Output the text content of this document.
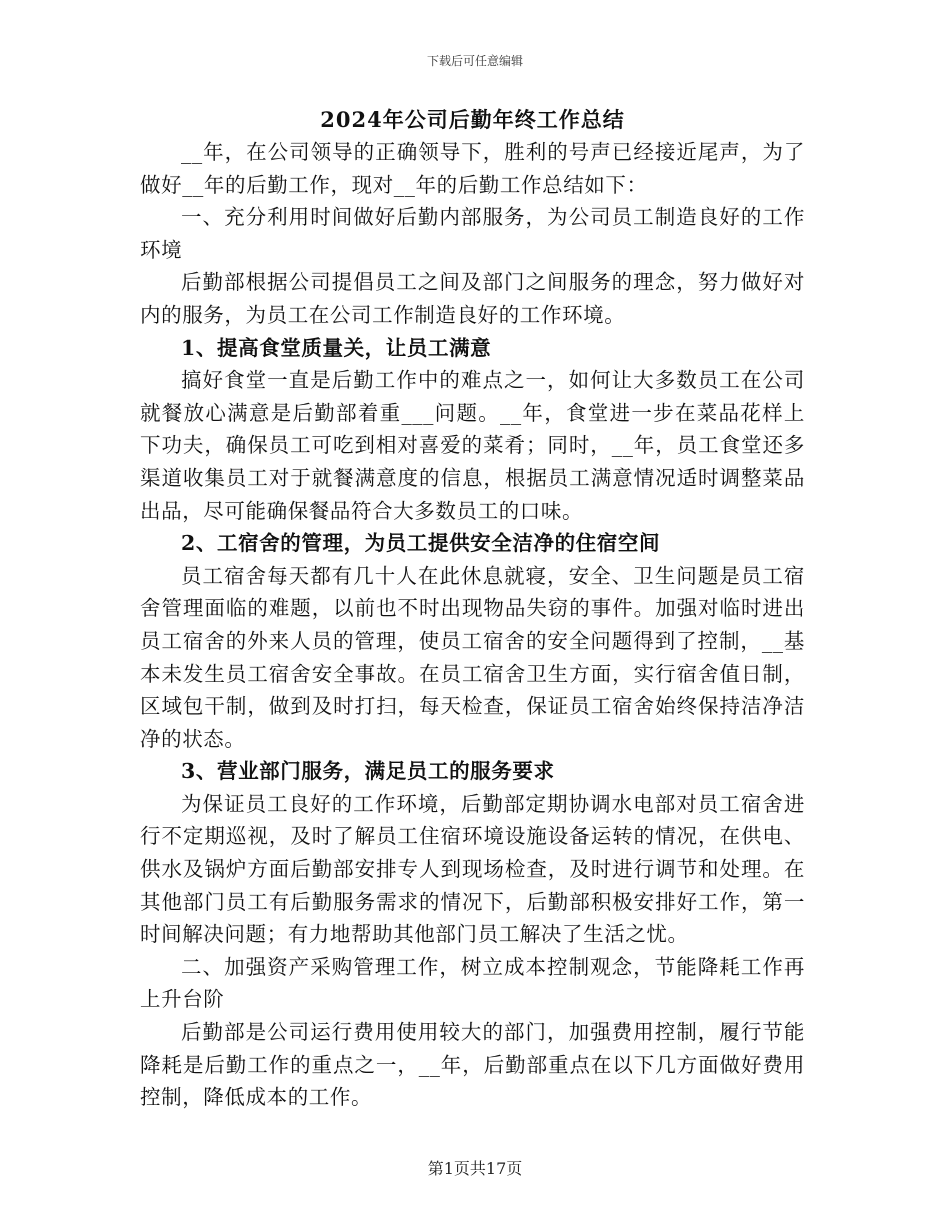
下载后可任意编辑
2024年公司后勤年终工作总结

__年，在公司领导的正确领导下，胜利的号声已经接近尾声，为了做好__年的后勤工作，现对__年的后勤工作总结如下：

一、充分利用时间做好后勤内部服务，为公司员工制造良好的工作环境

后勤部根据公司提倡员工之间及部门之间服务的理念，努力做好对内的服务，为员工在公司工作制造良好的工作环境。

1、提高食堂质量关，让员工满意

搞好食堂一直是后勤工作中的难点之一，如何让大多数员工在公司就餐放心满意是后勤部着重___问题。__年，食堂进一步在菜品花样上下功夫，确保员工可吃到相对喜爱的菜肴；同时，__年，员工食堂还多渠道收集员工对于就餐满意度的信息，根据员工满意情况适时调整菜品出品，尽可能确保餐品符合大多数员工的口味。

2、工宿舍的管理，为员工提供安全洁净的住宿空间

员工宿舍每天都有几十人在此休息就寝，安全、卫生问题是员工宿舍管理面临的难题，以前也不时出现物品失窃的事件。加强对临时进出员工宿舍的外来人员的管理，使员工宿舍的安全问题得到了控制，__基本未发生员工宿舍安全事故。在员工宿舍卫生方面，实行宿舍值日制，区域包干制，做到及时打扫，每天检查，保证员工宿舍始终保持洁净洁净的状态。

3、营业部门服务，满足员工的服务要求

为保证员工良好的工作环境，后勤部定期协调水电部对员工宿舍进行不定期巡视，及时了解员工住宿环境设施设备运转的情况，在供电、供水及锅炉方面后勤部安排专人到现场检查，及时进行调节和处理。在其他部门员工有后勤服务需求的情况下，后勤部积极安排好工作，第一时间解决问题；有力地帮助其他部门员工解决了生活之忧。

二、加强资产采购管理工作，树立成本控制观念，节能降耗工作再上升台阶

后勤部是公司运行费用使用较大的部门，加强费用控制，履行节能降耗是后勤工作的重点之一，__年，后勤部重点在以下几方面做好费用控制，降低成本的工作。

第1页共17页
